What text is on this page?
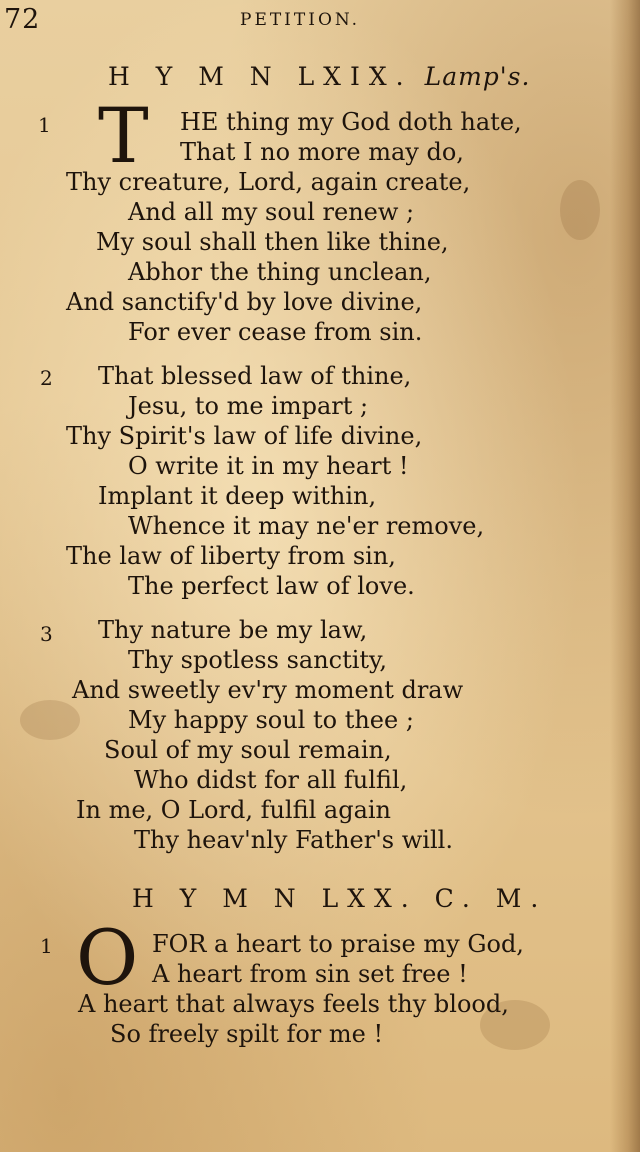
72	PETITION.
H Y M N LXIX. Lamp's.
1 T HE thing my God doth hate,
That I no more may do,
Thy creature, Lord, again create,
And all my soul renew ;
My soul shall then like thine,
Abhor the thing unclean,
And sanctify'd by love divine,
For ever cease from sin.
2 That blessed law of thine,
Jesu, to me impart ;
Thy Spirit's law of life divine,
O write it in my heart !
Implant it deep within,
Whence it may ne'er remove,
The law of liberty from sin,
The perfect law of love.
3 Thy nature be my law,
Thy spotless sanctity,
And sweetly ev'ry moment draw
My happy soul to thee ;
Soul of my soul remain,
Who didst for all fulfil,
In me, O Lord, fulfil again
Thy heav'nly Father's will.
H Y M N LXX. C. M.
1 O FOR a heart to praise my God,
A heart from sin set free !
A heart that always feels thy blood,
So freely spilt for me !
